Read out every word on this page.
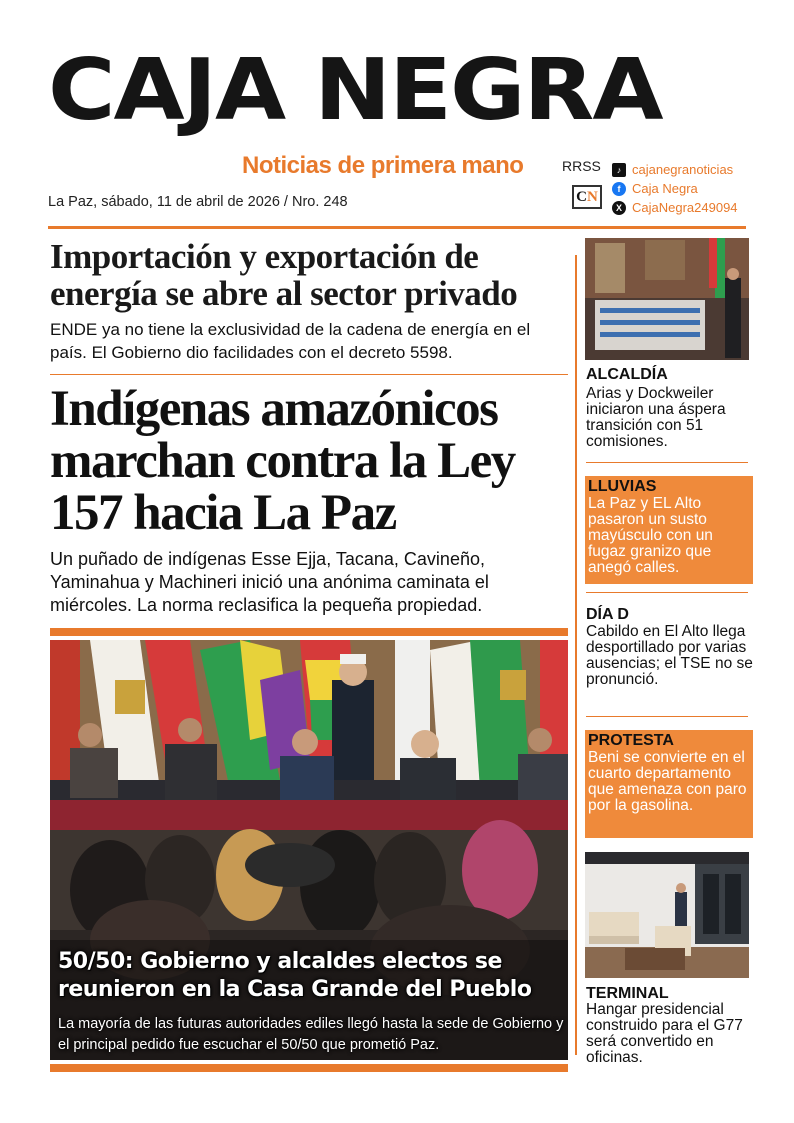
CAJA NEGRA
Noticias de primera mano	RRSS
CN
♪ cajanegranoticias
f Caja Negra
X CajaNegra249094
La Paz, sábado, 11 de abril de 2026 / Nro. 248
Importación y exportación de energía se abre al sector privado

ENDE ya no tiene la exclusividad de la cadena de energía en el país. El Gobierno dio facilidades con el decreto 5598.

Indígenas amazónicos marchan contra la Ley 157 hacia La Paz

Un puñado de indígenas Esse Ejja, Tacana, Cavineño, Yaminahua y Machineri inició una anónima caminata el miércoles. La norma reclasifica la pequeña propiedad.

50/50: Gobierno y alcaldes electos se reunieron en la Casa Grande del Pueblo
La mayoría de las futuras autoridades ediles llegó hasta la sede de Gobierno y el principal pedido fue escuchar el 50/50 que prometió Paz.
ALCALDÍA
Arias y Dockweiler iniciaron una áspera transición con 51 comisiones.
LLUVIAS
La Paz y EL Alto pasaron un susto mayúsculo con un fugaz granizo que anegó calles.
DÍA D
Cabildo en El Alto llega desportillado por varias ausencias; el TSE no se pronunció.
PROTESTA
Beni se convierte en el cuarto departamento que amenaza con paro por la gasolina.
TERMINAL
Hangar presidencial construido para el G77 será convertido en oficinas.
